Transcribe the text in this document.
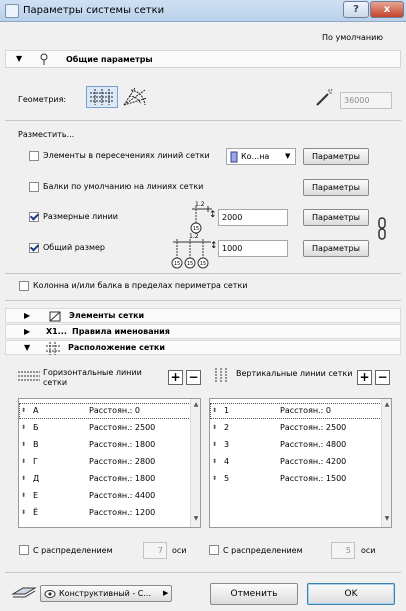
Параметры системы сетки	?	x
По умолчанию
▼	Общие параметры
Геометрия:	36000
Разместить...
Элементы в пересечениях линий сетки	Ко...на ▼	Параметры
Балки по умолчанию на линиях сетки	Параметры
Размерные линии
1.2
15
↕ 2000	Параметры
Общий размер
1.2
15 15 15
↕ 1000	Параметры
Колонна и/или балка в пределах периметра сетки
▶	Элементы сетки
▶ X1... Правила именования
▼	Расположение сетки
Горизонтальные линии сетки	+ −	Вертикальные линии сетки + −
⬍ А	Расстоян.: 0
⬍ Б	Расстоян.: 2500
⬍ В	Расстоян.: 1800
⬍ Г	Расстоян.: 2800
⬍ Д	Расстоян.: 1800
⬍ Е	Расстоян.: 4400
⬍ Ё	Расстоян.: 1200
▲
▼
⬍ 1	Расстоян.: 0
⬍ 2	Расстоян.: 2500
⬍ 3	Расстоян.: 4800
⬍ 4	Расстоян.: 4200
⬍ 5	Расстоян.: 1500
▲
▼
С распределением	7	оси	С распределением	5	оси
Конструктивный - С... ▶	Отменить	OK
